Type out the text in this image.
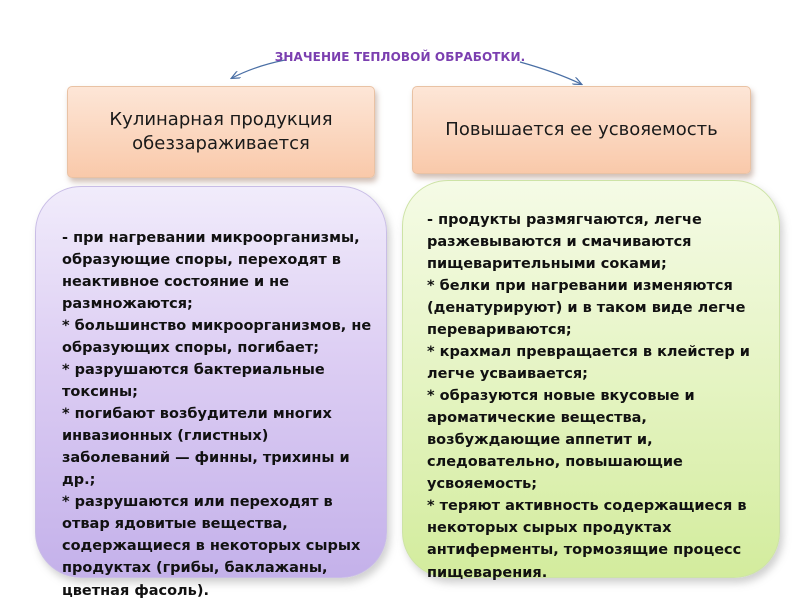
ЗНАЧЕНИЕ ТЕПЛОВОЙ ОБРАБОТКИ.
Кулинарная продукция обеззараживается
Повышается ее усвояемость
- при нагревании микроорганизмы, образующие споры, переходят в неактивное состояние и не размножаются;
* большинство микроорганизмов, не образующих споры, погибает;
* разрушаются бактериальные токсины;
* погибают возбудители многих инвазионных (глистных) заболеваний — финны, трихины и др.;
* разрушаются или переходят в отвар ядовитые вещества, содержащиеся в некоторых сырых продуктах (грибы, баклажаны, цветная фасоль).
- продукты размягчаются, легче разжевываются и смачиваются пищеварительными соками;
* белки при нагревании изменяются (денатурируют) и в таком виде легче перевариваются;
* крахмал превращается в клейстер и легче усваивается;
* образуются новые вкусовые и ароматические вещества, возбуждающие аппетит и, следовательно, повышающие усвояемость;
* теряют активность содержащиеся в некоторых сырых продуктах антиферменты, тормозящие процесс пищеварения.
